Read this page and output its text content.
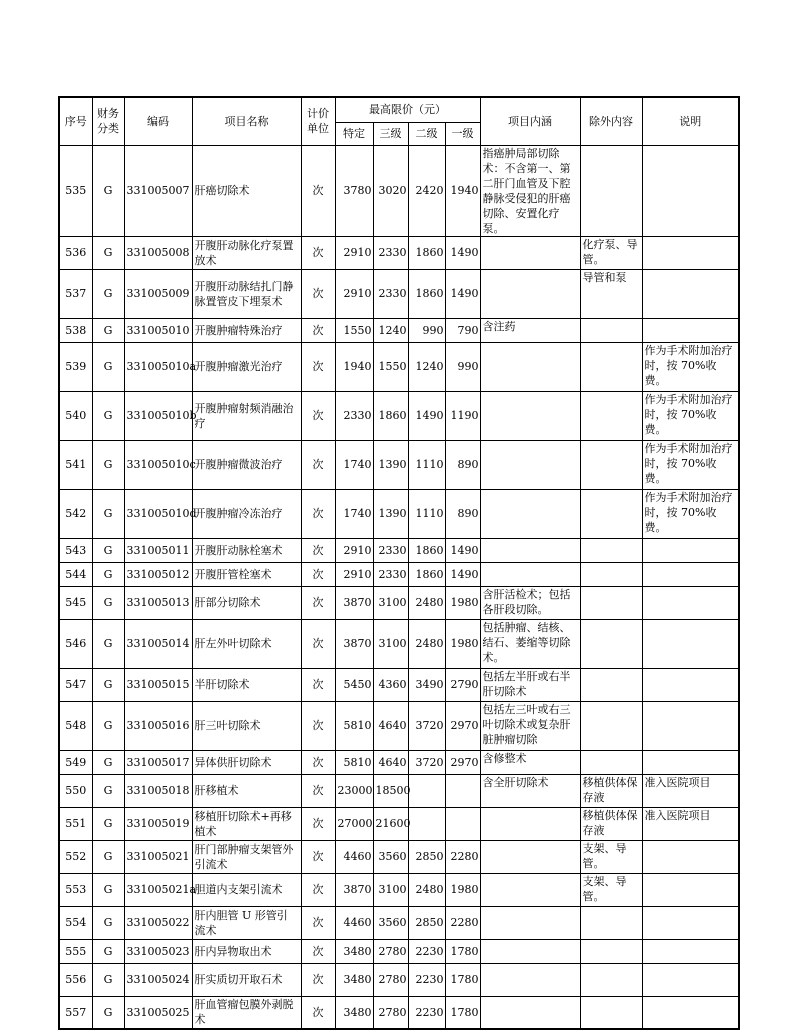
序号	财务分类	编码	项目名称	计价单位	最高限价（元）				项目内涵	除外内容	说明
					特定	三级	二级	一级			
535	G	331005007	肝癌切除术	次	3780	3020	2420	1940	指癌肿局部切除术：不含第一、第二肝门血管及下腔静脉受侵犯的肝癌切除、安置化疗泵。		
536	G	331005008	开腹肝动脉化疗泵置放术	次	2910	2330	1860	1490		化疗泵、导管。	
537	G	331005009	开腹肝动脉结扎门静脉置管皮下埋泵术	次	2910	2330	1860	1490		导管和泵	
538	G	331005010	开腹肿瘤特殊治疗	次	1550	1240	990	790	含注药		
539	G	331005010a	开腹肿瘤激光治疗	次	1940	1550	1240	990			作为手术附加治疗时，按 70%收费。
540	G	331005010b	开腹肿瘤射频消融治疗	次	2330	1860	1490	1190			作为手术附加治疗时，按 70%收费。
541	G	331005010c	开腹肿瘤微波治疗	次	1740	1390	1110	890			作为手术附加治疗时，按 70%收费。
542	G	331005010d	开腹肿瘤冷冻治疗	次	1740	1390	1110	890			作为手术附加治疗时，按 70%收费。
543	G	331005011	开腹肝动脉栓塞术	次	2910	2330	1860	1490			
544	G	331005012	开腹肝管栓塞术	次	2910	2330	1860	1490			
545	G	331005013	肝部分切除术	次	3870	3100	2480	1980	含肝活检术；包括各肝段切除。		
546	G	331005014	肝左外叶切除术	次	3870	3100	2480	1980	包括肿瘤、结核、结石、萎缩等切除术。		
547	G	331005015	半肝切除术	次	5450	4360	3490	2790	包括左半肝或右半肝切除术		
548	G	331005016	肝三叶切除术	次	5810	4640	3720	2970	包括左三叶或右三叶切除术或复杂肝脏肿瘤切除		
549	G	331005017	异体供肝切除术	次	5810	4640	3720	2970	含修整术		
550	G	331005018	肝移植术	次	23000	18500			含全肝切除术	移植供体保存液	准入医院项目
551	G	331005019	移植肝切除术+再移植术	次	27000	21600				移植供体保存液	准入医院项目
552	G	331005021	肝门部肿瘤支架管外引流术	次	4460	3560	2850	2280		支架、导管。	
553	G	331005021a	胆道内支架引流术	次	3870	3100	2480	1980		支架、导管。	
554	G	331005022	肝内胆管 U 形管引流术	次	4460	3560	2850	2280			
555	G	331005023	肝内异物取出术	次	3480	2780	2230	1780			
556	G	331005024	肝实质切开取石术	次	3480	2780	2230	1780			
557	G	331005025	肝血管瘤包膜外剥脱术	次	3480	2780	2230	1780			
